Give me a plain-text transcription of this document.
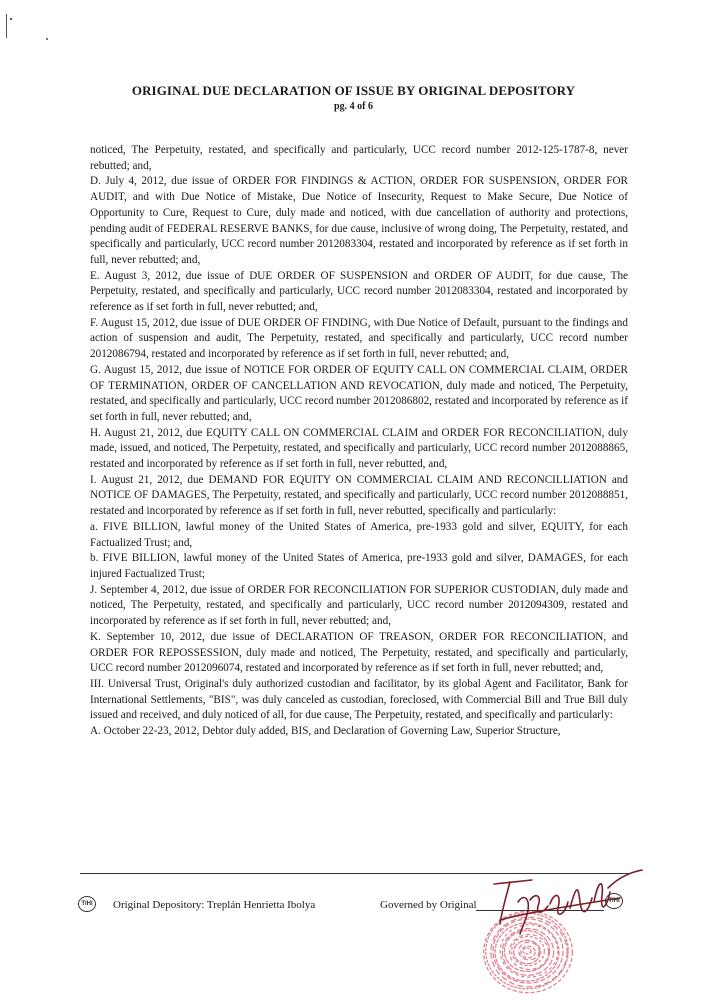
ORIGINAL DUE DECLARATION OF ISSUE BY ORIGINAL DEPOSITORY
pg. 4 of 6

noticed, The Perpetuity, restated, and specifically and particularly, UCC record number 2012-125-1787-8, never rebutted; and,

D. July 4, 2012, due issue of ORDER FOR FINDINGS & ACTION, ORDER FOR SUSPENSION, ORDER FOR AUDIT, and with Due Notice of Mistake, Due Notice of Insecurity, Request to Make Secure, Due Notice of Opportunity to Cure, Request to Cure, duly made and noticed, with due cancellation of authority and protections, pending audit of FEDERAL RESERVE BANKS, for due cause, inclusive of wrong doing, The Perpetuity, restated, and specifically and particularly, UCC record number 2012083304, restated and incorporated by reference as if set forth in full, never rebutted; and,

E. August 3, 2012, due issue of DUE ORDER OF SUSPENSION and ORDER OF AUDIT, for due cause, The Perpetuity, restated, and specifically and particularly, UCC record number 2012083304, restated and incorporated by reference as if set forth in full, never rebutted; and,

F. August 15, 2012, due issue of DUE ORDER OF FINDING, with Due Notice of Default, pursuant to the findings and action of suspension and audit, The Perpetuity, restated, and specifically and particularly, UCC record number 2012086794, restated and incorporated by reference as if set forth in full, never rebutted; and,

G. August 15, 2012, due issue of NOTICE FOR ORDER OF EQUITY CALL ON COMMERCIAL CLAIM, ORDER OF TERMINATION, ORDER OF CANCELLATION AND REVOCATION, duly made and noticed, The Perpetuity, restated, and specifically and particularly, UCC record number 2012086802, restated and incorporated by reference as if set forth in full, never rebutted; and,

H. August 21, 2012, due EQUITY CALL ON COMMERCIAL CLAIM and ORDER FOR RECONCILIATION, duly made, issued, and noticed, The Perpetuity, restated, and specifically and particularly, UCC record number 2012088865, restated and incorporated by reference as if set forth in full, never rebutted, and,

I. August 21, 2012, due DEMAND FOR EQUITY ON COMMERCIAL CLAIM AND RECONCILLIATION and NOTICE OF DAMAGES, The Perpetuity, restated, and specifically and particularly, UCC record number 2012088851, restated and incorporated by reference as if set forth in full, never rebutted, specifically and particularly:

a. FIVE BILLION, lawful money of the United States of America, pre-1933 gold and silver, EQUITY, for each Factualized Trust; and,

b. FIVE BILLION, lawful money of the United States of America, pre-1933 gold and silver, DAMAGES, for each injured Factualized Trust;

J. September 4, 2012, due issue of ORDER FOR RECONCILIATION FOR SUPERIOR CUSTODIAN, duly made and noticed, The Perpetuity, restated, and specifically and particularly, UCC record number 2012094309, restated and incorporated by reference as if set forth in full, never rebutted; and,

K. September 10, 2012, due issue of DECLARATION OF TREASON, ORDER FOR RECONCILIATION, and ORDER FOR REPOSSESSION, duly made and noticed, The Perpetuity, restated, and specifically and particularly, UCC record number 2012096074, restated and incorporated by reference as if set forth in full, never rebutted; and,

III. Universal Trust, Original's duly authorized custodian and facilitator, by its global Agent and Facilitator, Bank for International Settlements, "BIS", was duly canceled as custodian, foreclosed, with Commercial Bill and True Bill duly issued and received, and duly noticed of all, for due cause, The Perpetuity, restated, and specifically and particularly:

A. October 22-23, 2012, Debtor duly added, BIS, and Declaration of Governing Law, Superior Structure,

TIHI	Original Depository: Treplán Henrietta Ibolya	Governed by Original	TIHI
